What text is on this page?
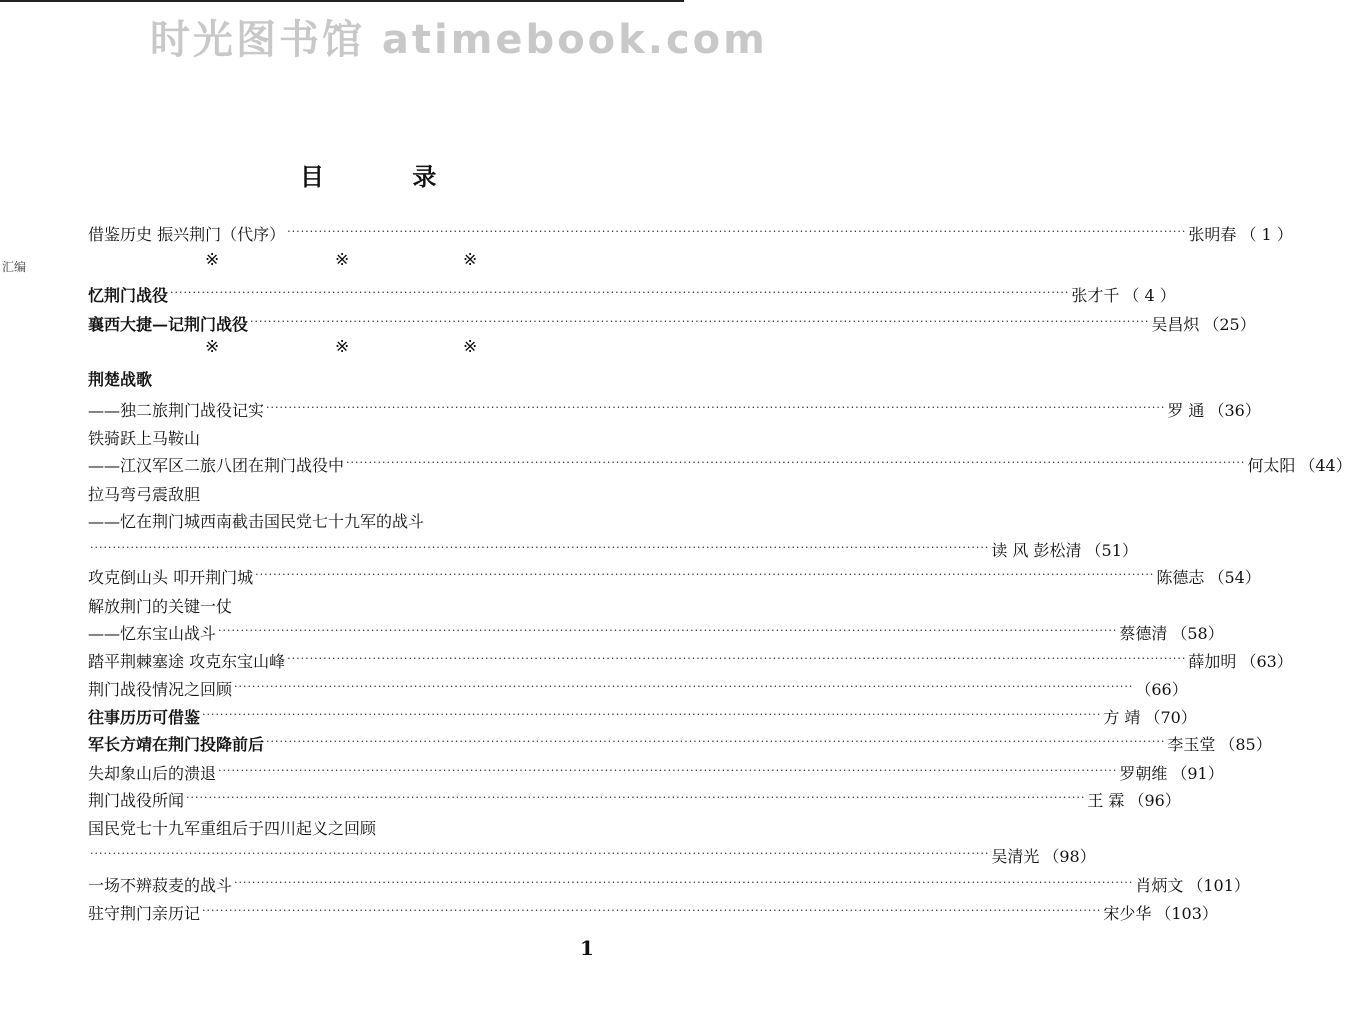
时光图书馆 atimebook.com
汇编
目 录
借鉴历史 振兴荆门（代序） ········································································································································································································ 张明春 （ 1 ）
忆荆门战役 ········································································································································································································ 张才千 （ 4 ）
襄西大捷—记荆门战役 ········································································································································································································ 吴昌炽 （25）
荆楚战歌
——独二旅荆门战役记实 ········································································································································································································ 罗 通 （36）
铁骑跃上马鞍山
——江汉军区二旅八团在荆门战役中 ········································································································································································································ 何太阳 （44）
拉马弯弓震敌胆
——忆在荆门城西南截击国民党七十九军的战斗
········································································································································································································ 读 风 彭松清 （51）
攻克倒山头 叩开荆门城 ········································································································································································································ 陈德志 （54）
解放荆门的关键一仗
——忆东宝山战斗 ········································································································································································································ 蔡德清 （58）
踏平荆棘塞途 攻克东宝山峰 ········································································································································································································ 薛加明 （63）
荆门战役情况之回顾 ········································································································································································································ （66）
往事历历可借鉴 ········································································································································································································ 方 靖 （70）
军长方靖在荆门投降前后 ········································································································································································································ 李玉堂 （85）
失却象山后的溃退 ········································································································································································································ 罗朝维 （91）
荆门战役所闻 ········································································································································································································ 王 霖 （96）
国民党七十九军重组后于四川起义之回顾
········································································································································································································ 吴清光 （98）
一场不辨菽麦的战斗 ········································································································································································································ 肖炳文 （101）
驻守荆门亲历记 ········································································································································································································ 宋少华 （103）
※	※	※
※	※	※
1
